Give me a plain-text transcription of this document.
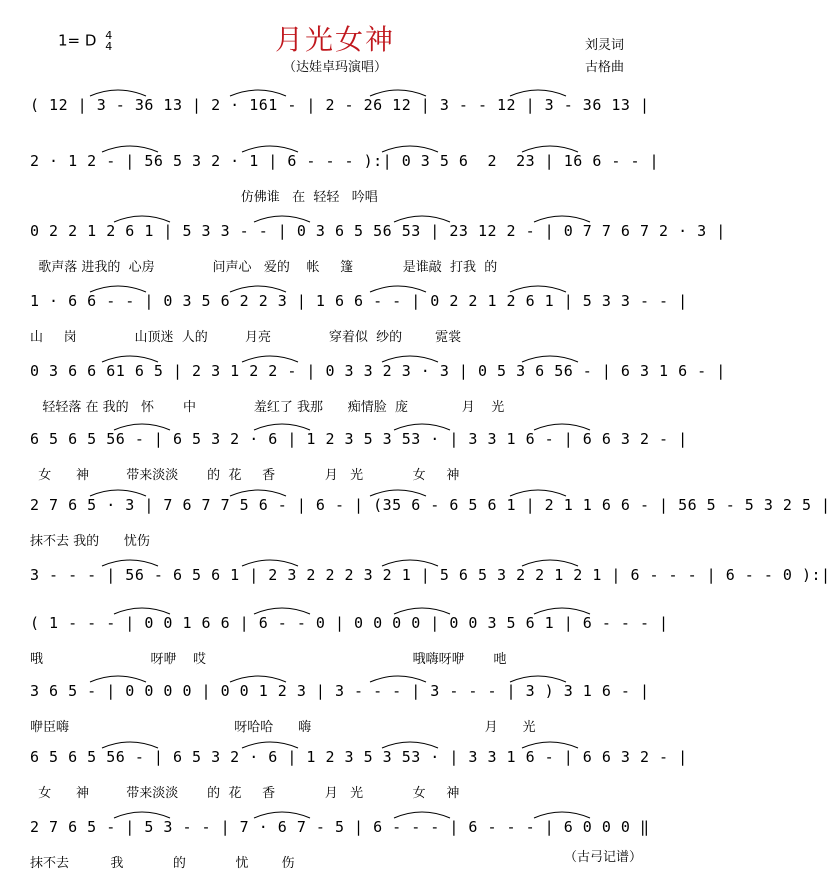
1= D 4
4	月光女神
（达娃卓玛演唱）
刘灵词
古格曲
( 12 | 3 - 36 13 | 2 · 161 - | 2 - 26 12 | 3 - - 12 | 3 - 36 13 |
2 · 1 2 - | 56 5 3 2 · 1 | 6 - - - ):| 0 3 5 6  2  23 | 16 6 - - |
仿佛谁   在  轻轻   吟唱
0 2 2 1 2 6 1 | 5 3 3 - - | 0 3 6 5 56 53 | 23 12 2 - | 0 7 7 6 7 2 · 3 |
歌声落 进我的  心房              问声心   爱的    帐     篷            是谁敲  打我  的
1 · 6 6 - - | 0 3 5 6 2 2 3 | 1 6 6 - - | 0 2 2 1 2 6 1 | 5 3 3 - - |
山     岗              山顶迷  人的         月亮              穿着似  纱的        霓裳
0 3 6 6 61 6 5 | 2 3 1 2 2 - | 0 3 3 2 3 · 3 | 0 5 3 6 56 - | 6 3 1 6 - |
轻轻落 在 我的   怀       中              羞红了 我那      痴情脸  庞             月    光
6 5 6 5 56 - | 6 5 3 2 · 6 | 1 2 3 5 3 53 · | 3 3 1 6 - | 6 6 3 2 - |
女      神         带来淡淡       的  花     香            月   光            女     神
2 7 6 5 · 3 | 7 6 7 7 5 6 - | 6 - | (35 6 - 6 5 6 1 | 2 1 1 6 6 - | 56 5 - 5 3 2 5 |
抹不去 我的      忧伤
3 - - - | 56 - 6 5 6 1 | 2 3 2 2 2 3 2 1 | 5 6 5 3 2 2 1 2 1 | 6 - - - | 6 - - 0 ):|
( 1 - - - | 0 0 1 6 6 | 6 - - 0 | 0 0 0 0 | 0 0 3 5 6 1 | 6 - - - |
哦                          呀咿    哎                                                  哦嗨呀咿       吔
3 6 5 - | 0 0 0 0 | 0 0 1 2 3 | 3 - - - | 3 - - - | 3 ) 3 1 6 - |
咿臣嗨                                        呀哈哈      嗨                                          月      光
6 5 6 5 56 - | 6 5 3 2 · 6 | 1 2 3 5 3 53 · | 3 3 1 6 - | 6 6 3 2 - |
女      神         带来淡淡       的  花     香            月   光            女     神
2 7 6 5 - | 5 3 - - | 7 · 6 7 - 5 | 6 - - - | 6 - - - | 6 0 0 0 ‖
抹不去          我            的            忧        伤	（古弓记谱）
